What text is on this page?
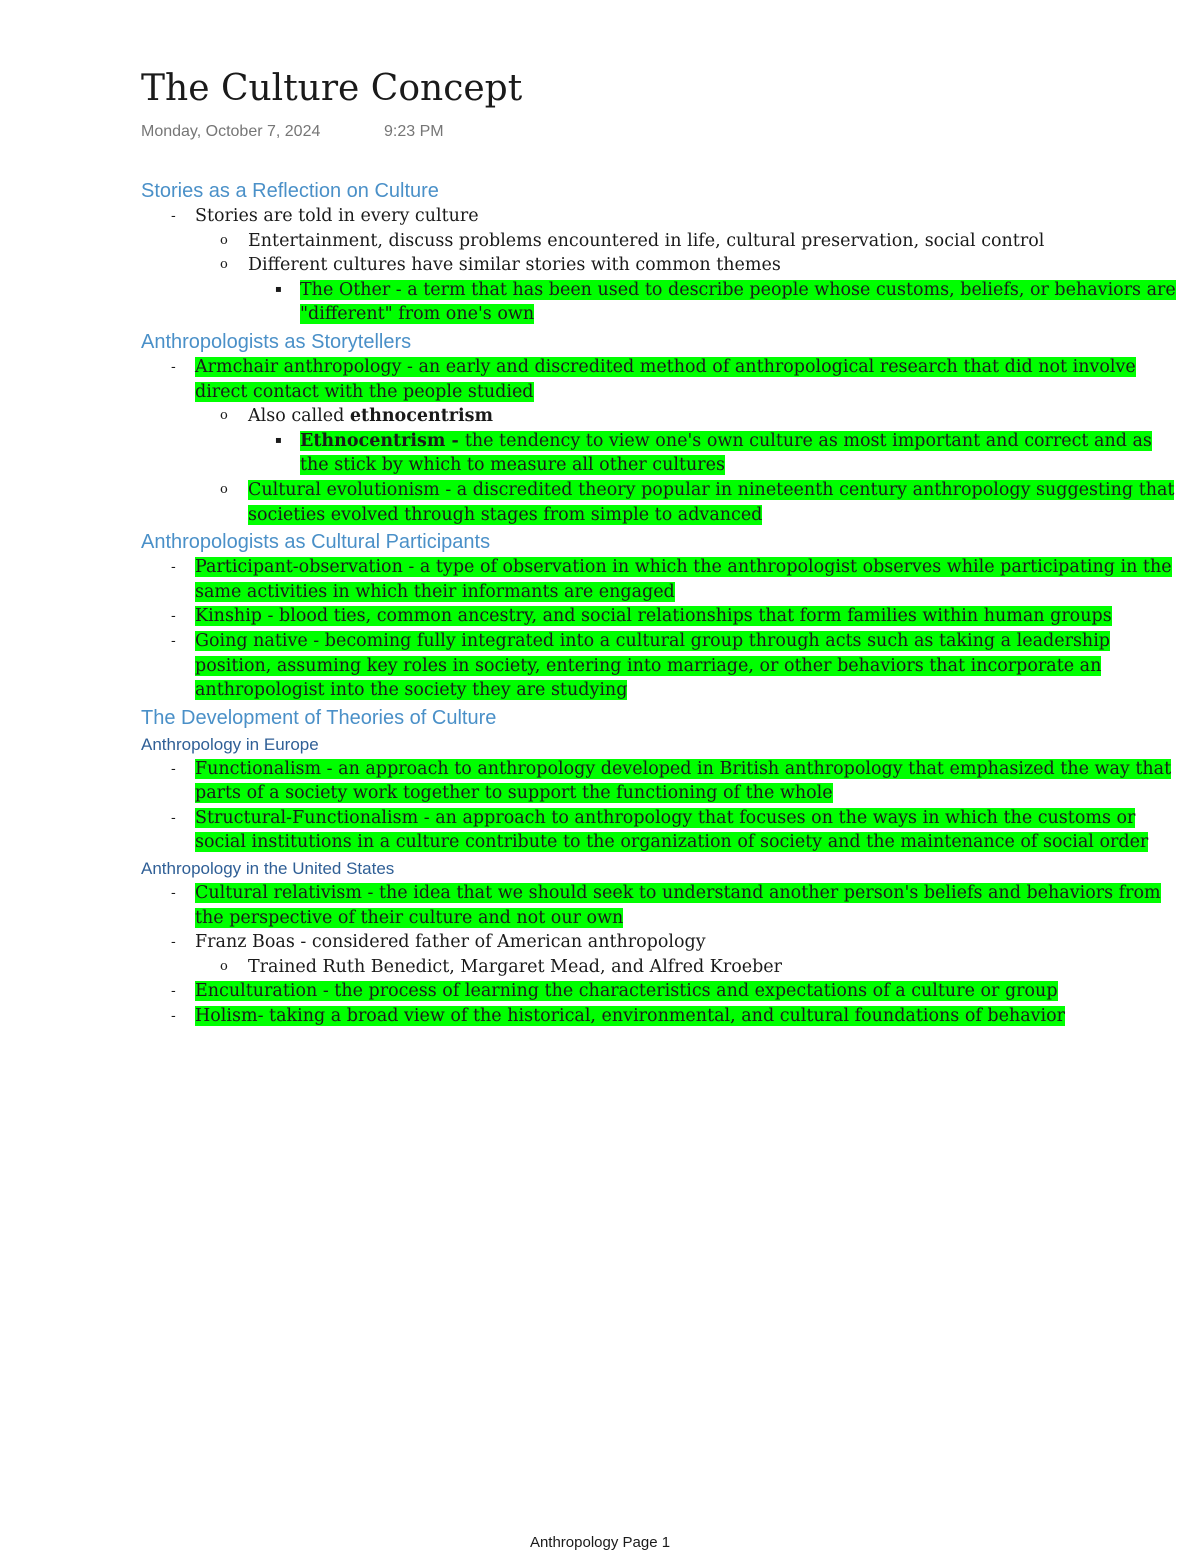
The Culture Concept
Monday, October 7, 2024	9:23 PM
Stories as a Reflection on Culture
- Stories are told in every culture
o Entertainment, discuss problems encountered in life, cultural preservation, social control
o Different cultures have similar stories with common themes
▪ The Other - a term that has been used to describe people whose customs, beliefs, or behaviors are "different" from one's own
Anthropologists as Storytellers
- Armchair anthropology - an early and discredited method of anthropological research that did not involve direct contact with the people studied
o Also called ethnocentrism
▪ Ethnocentrism - the tendency to view one's own culture as most important and correct and as the stick by which to measure all other cultures
o Cultural evolutionism - a discredited theory popular in nineteenth century anthropology suggesting that societies evolved through stages from simple to advanced
Anthropologists as Cultural Participants
- Participant-observation - a type of observation in which the anthropologist observes while participating in the same activities in which their informants are engaged
- Kinship - blood ties, common ancestry, and social relationships that form families within human groups
- Going native - becoming fully integrated into a cultural group through acts such as taking a leadership position, assuming key roles in society, entering into marriage, or other behaviors that incorporate an anthropologist into the society they are studying
The Development of Theories of Culture
Anthropology in Europe
- Functionalism - an approach to anthropology developed in British anthropology that emphasized the way that parts of a society work together to support the functioning of the whole
- Structural-Functionalism - an approach to anthropology that focuses on the ways in which the customs or social institutions in a culture contribute to the organization of society and the maintenance of social order
Anthropology in the United States
- Cultural relativism - the idea that we should seek to understand another person's beliefs and behaviors from the perspective of their culture and not our own
- Franz Boas - considered father of American anthropology
o Trained Ruth Benedict, Margaret Mead, and Alfred Kroeber
- Enculturation - the process of learning the characteristics and expectations of a culture or group
- Holism- taking a broad view of the historical, environmental, and cultural foundations of behavior
Anthropology Page 1
